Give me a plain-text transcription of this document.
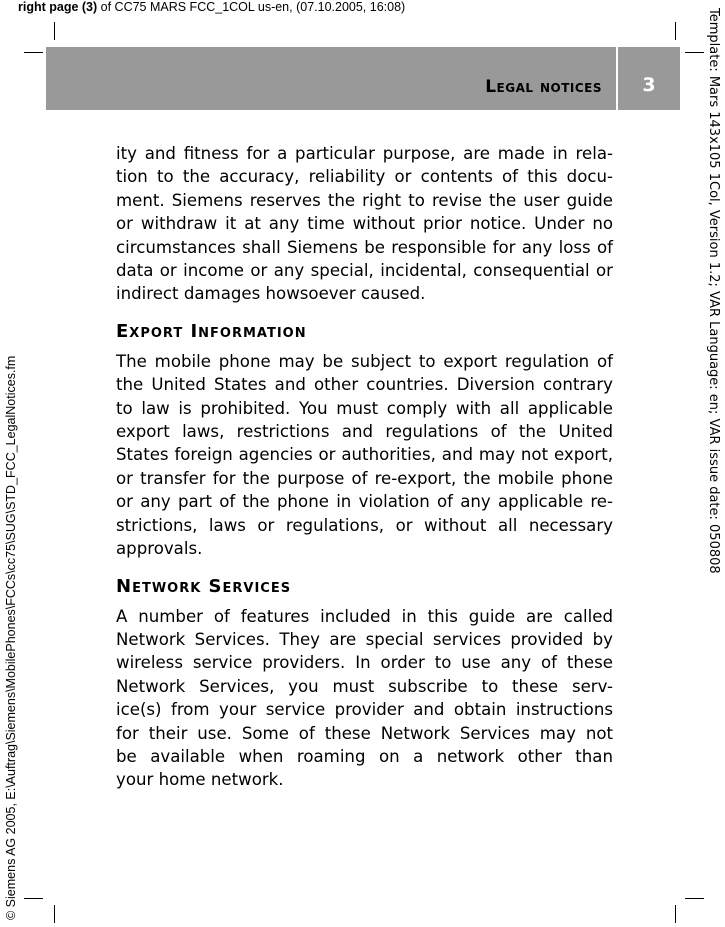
right page (3) of CC75 MARS FCC_1COL us-en, (07.10.2005, 16:08)
Legal notices	3
© Siemens AG 2005, E:\Auftrag\Siemens\MobilePhones\FCCs\cc75\SUG\STD_FCC_LegalNotices.fm
Template: Mars 143x105 1Col, Version 1.2; VAR Language: en; VAR issue date: 050808
ity and fitness for a particular purpose, are made in rela-
tion to the accuracy, reliability or contents of this docu-
ment. Siemens reserves the right to revise the user guide
or withdraw it at any time without prior notice. Under no
circumstances shall Siemens be responsible for any loss of
data or income or any special, incidental, consequential or
indirect damages howsoever caused.
Export Information
The mobile phone may be subject to export regulation of
the United States and other countries. Diversion contrary
to law is prohibited. You must comply with all applicable
export laws, restrictions and regulations of the United
States foreign agencies or authorities, and may not export,
or transfer for the purpose of re-export, the mobile phone
or any part of the phone in violation of any applicable re-
strictions, laws or regulations, or without all necessary
approvals.
Network Services
A number of features included in this guide are called
Network Services. They are special services provided by
wireless service providers. In order to use any of these
Network Services, you must subscribe to these serv-
ice(s) from your service provider and obtain instructions
for their use. Some of these Network Services may not
be available when roaming on a network other than
your home network.
